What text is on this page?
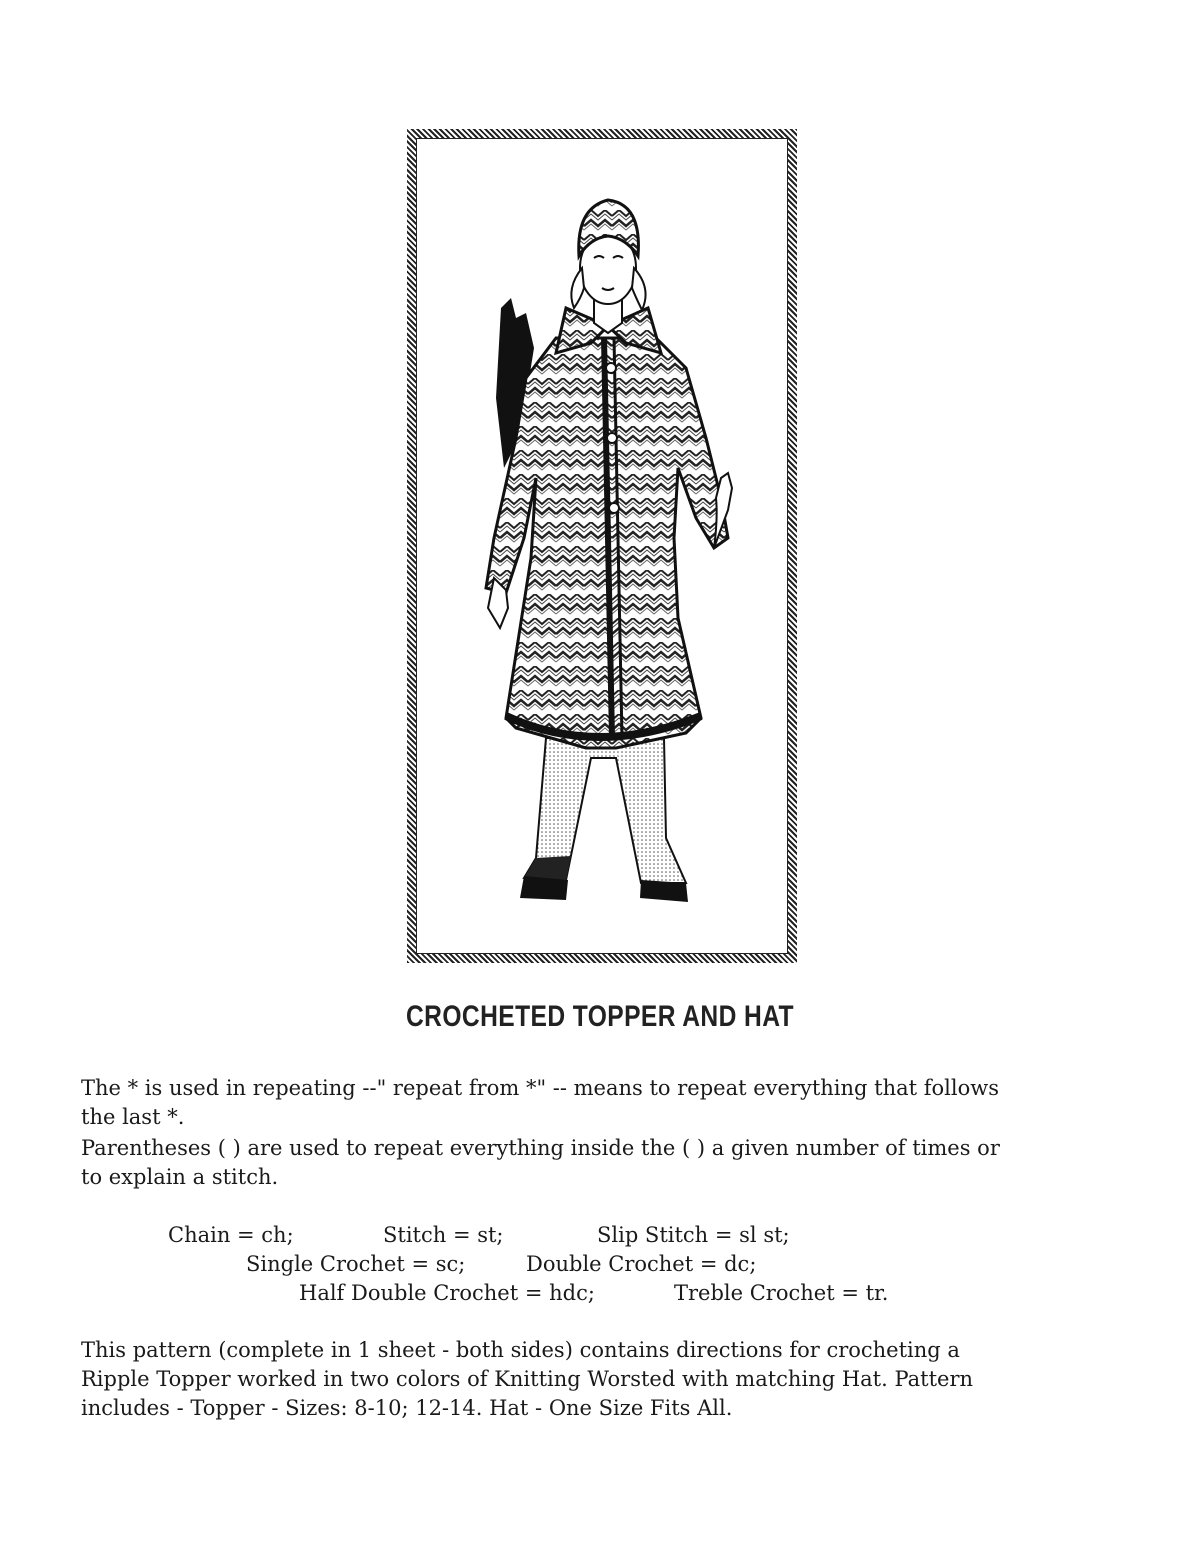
CROCHETED TOPPER AND HAT

The * is used in repeating --" repeat from *" -- means to repeat everything that follows
the last *.

Parentheses ( ) are used to repeat everything inside the ( ) a given number of times or
to explain a stitch.

Chain = ch;	Stitch = st;	Slip Stitch = sl st;
Single Crochet = sc;	Double Crochet = dc;
Half Double Crochet = hdc;	Treble Crochet = tr.

This pattern (complete in 1 sheet - both sides) contains directions for crocheting a
Ripple Topper worked in two colors of Knitting Worsted with matching Hat. Pattern
includes - Topper - Sizes: 8-10; 12-14. Hat - One Size Fits All.
